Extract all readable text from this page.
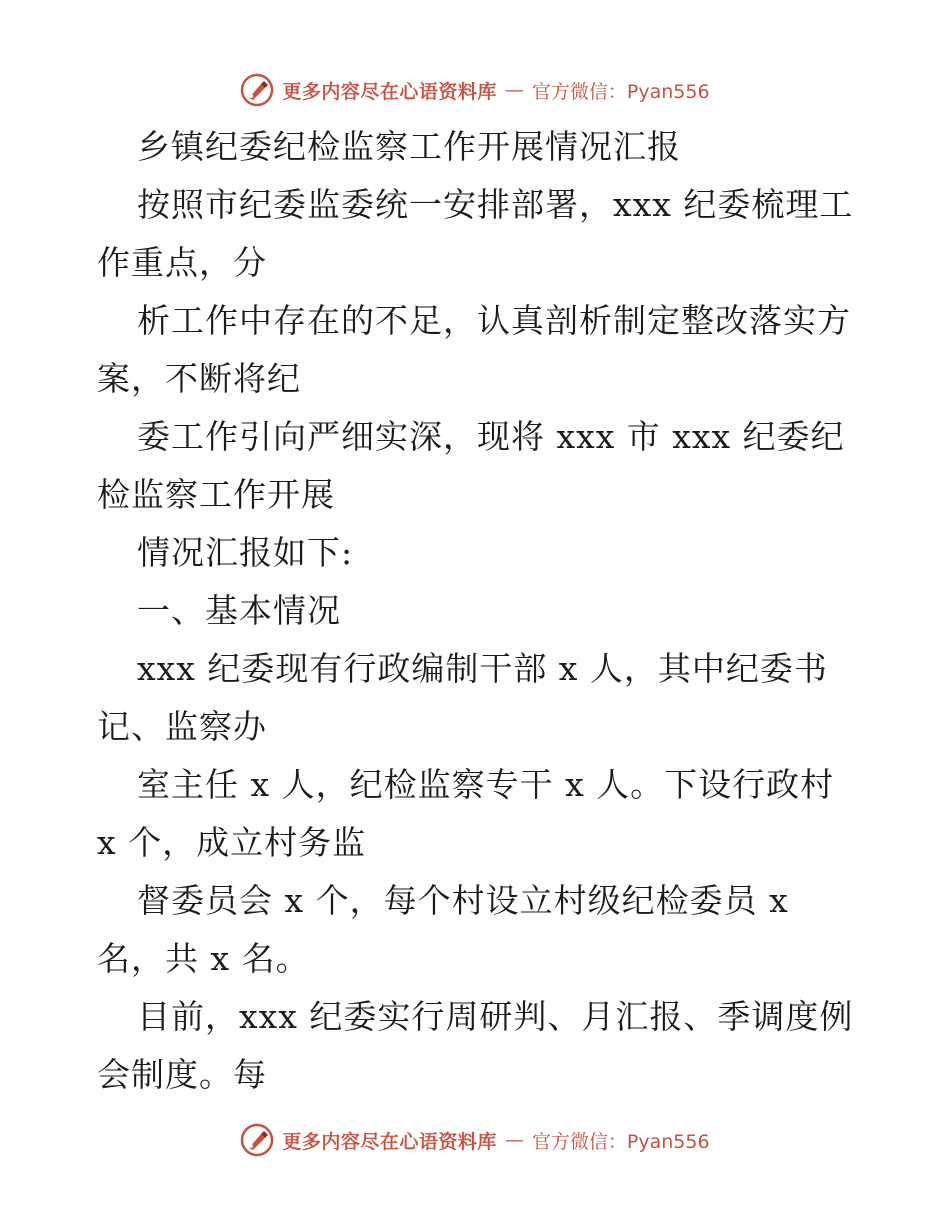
更多内容尽在心语资料库 — 官方微信：Pyan556
乡镇纪委纪检监察工作开展情况汇报
按照市纪委监委统一安排部署，xxx 纪委梳理工
作重点，分
析工作中存在的不足，认真剖析制定整改落实方
案，不断将纪
委工作引向严细实深，现将 xxx 市 xxx 纪委纪
检监察工作开展
情况汇报如下:
一、基本情况
xxx 纪委现有行政编制干部 x 人，其中纪委书
记、监察办
室主任 x 人，纪检监察专干 x 人。下设行政村
x 个，成立村务监
督委员会 x 个，每个村设立村级纪检委员 x
名，共 x 名。
目前，xxx 纪委实行周研判、月汇报、季调度例
会制度。每
更多内容尽在心语资料库 — 官方微信：Pyan556
